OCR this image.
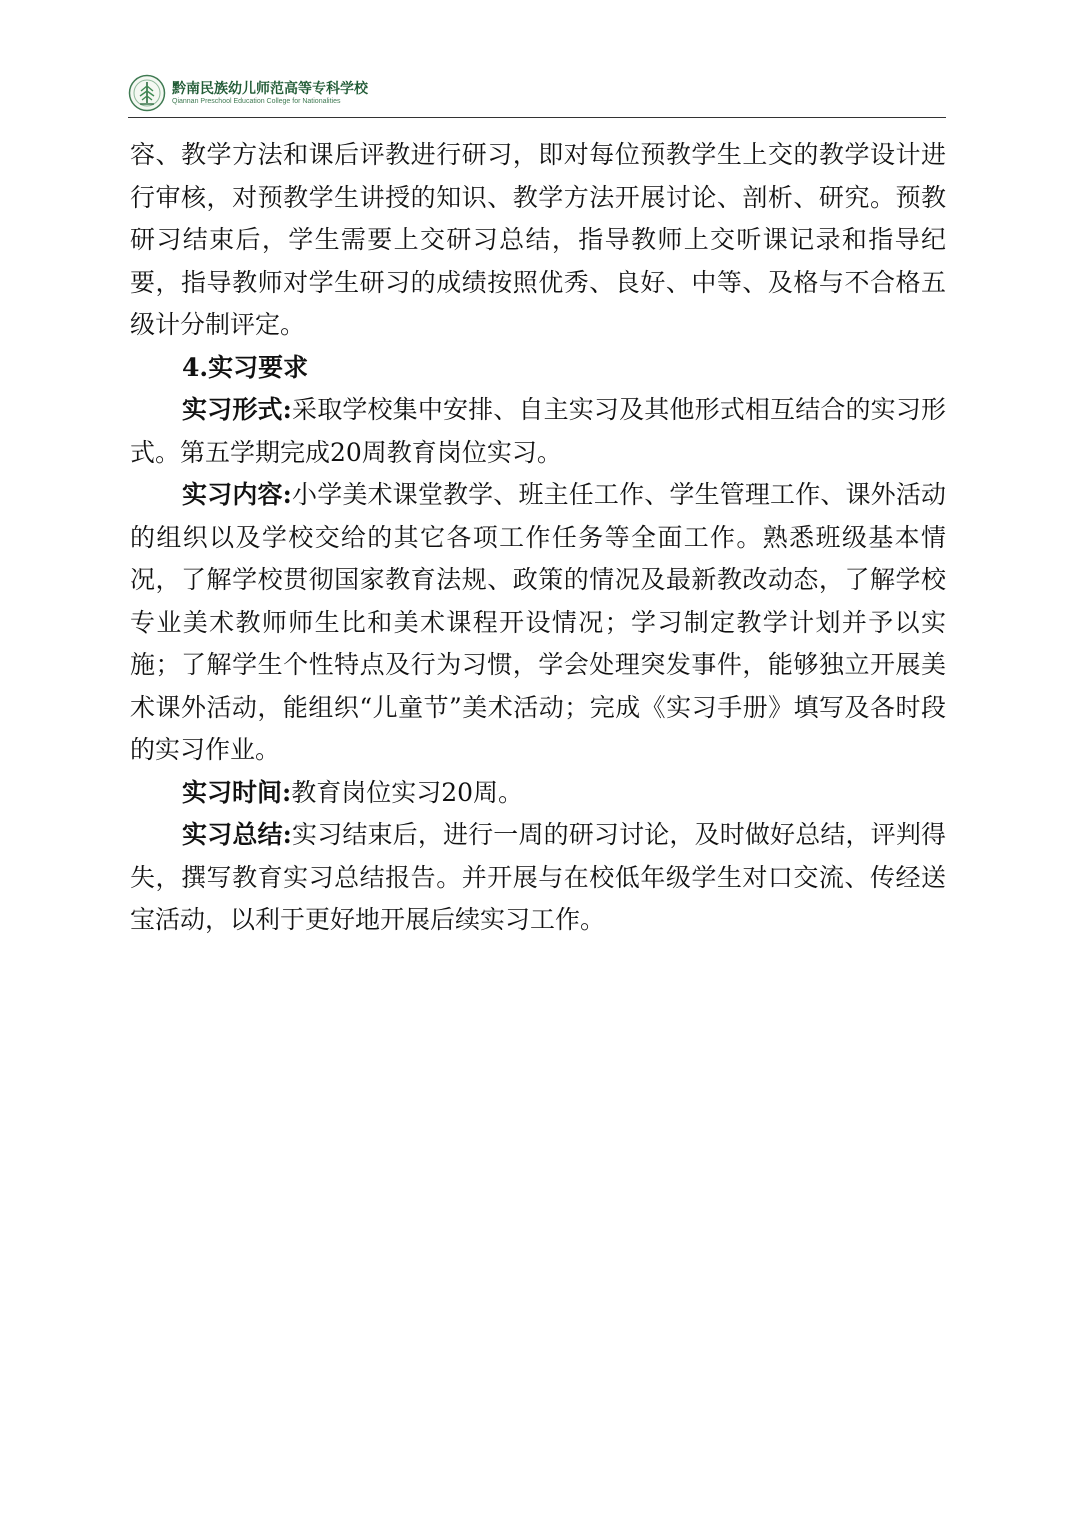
黔南民族幼儿师范高等专科学校
Qiannan Preschool Education College for Nationalities

容、教学方法和课后评教进行研习，即对每位预教学生上交的教学设计进行审核，对预教学生讲授的知识、教学方法开展讨论、剖析、研究。预教研习结束后，学生需要上交研习总结，指导教师上交听课记录和指导纪要，指导教师对学生研习的成绩按照优秀、良好、中等、及格与不合格五级计分制评定。

4.实习要求

实习形式:采取学校集中安排、自主实习及其他形式相互结合的实习形式。第五学期完成20周教育岗位实习。

实习内容:小学美术课堂教学、班主任工作、学生管理工作、课外活动的组织以及学校交给的其它各项工作任务等全面工作。熟悉班级基本情况，了解学校贯彻国家教育法规、政策的情况及最新教改动态，了解学校专业美术教师师生比和美术课程开设情况；学习制定教学计划并予以实施；了解学生个性特点及行为习惯，学会处理突发事件，能够独立开展美术课外活动，能组织“儿童节”美术活动；完成《实习手册》填写及各时段的实习作业。

实习时间:教育岗位实习20周。

实习总结:实习结束后，进行一周的研习讨论，及时做好总结，评判得失，撰写教育实习总结报告。并开展与在校低年级学生对口交流、传经送宝活动，以利于更好地开展后续实习工作。
